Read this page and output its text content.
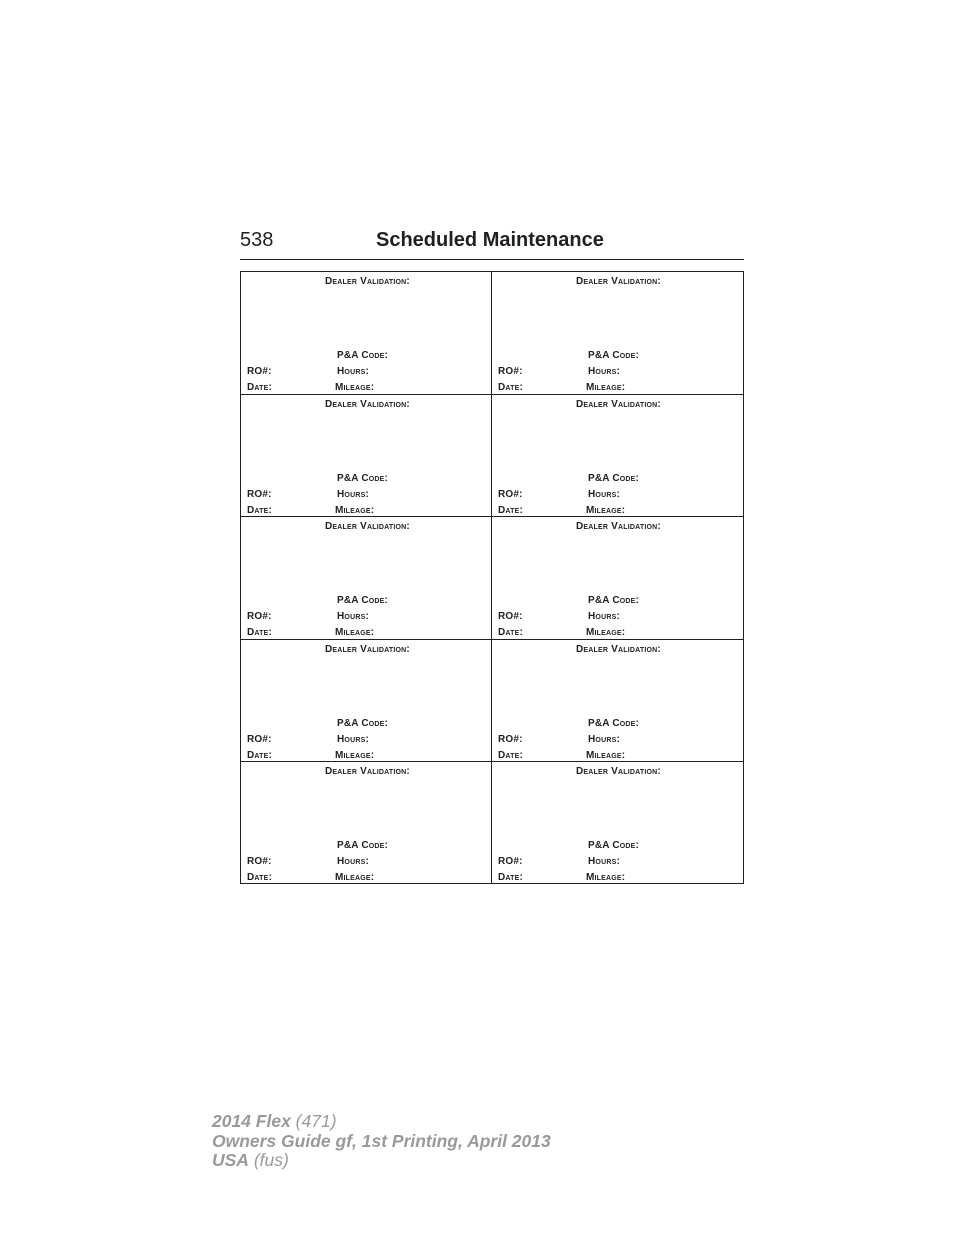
538	Scheduled Maintenance
Dealer Validation:
P&A Code:
RO#:	Hours:
Date:	Mileage:
Dealer Validation:
P&A Code:
RO#:	Hours:
Date:	Mileage:
Dealer Validation:
P&A Code:
RO#:	Hours:
Date:	Mileage:
Dealer Validation:
P&A Code:
RO#:	Hours:
Date:	Mileage:
Dealer Validation:
P&A Code:
RO#:	Hours:
Date:	Mileage:
Dealer Validation:
P&A Code:
RO#:	Hours:
Date:	Mileage:
Dealer Validation:
P&A Code:
RO#:	Hours:
Date:	Mileage:
Dealer Validation:
P&A Code:
RO#:	Hours:
Date:	Mileage:
Dealer Validation:
P&A Code:
RO#:	Hours:
Date:	Mileage:
Dealer Validation:
P&A Code:
RO#:	Hours:
Date:	Mileage:
2014 Flex (471)
Owners Guide gf, 1st Printing, April 2013
USA (fus)
